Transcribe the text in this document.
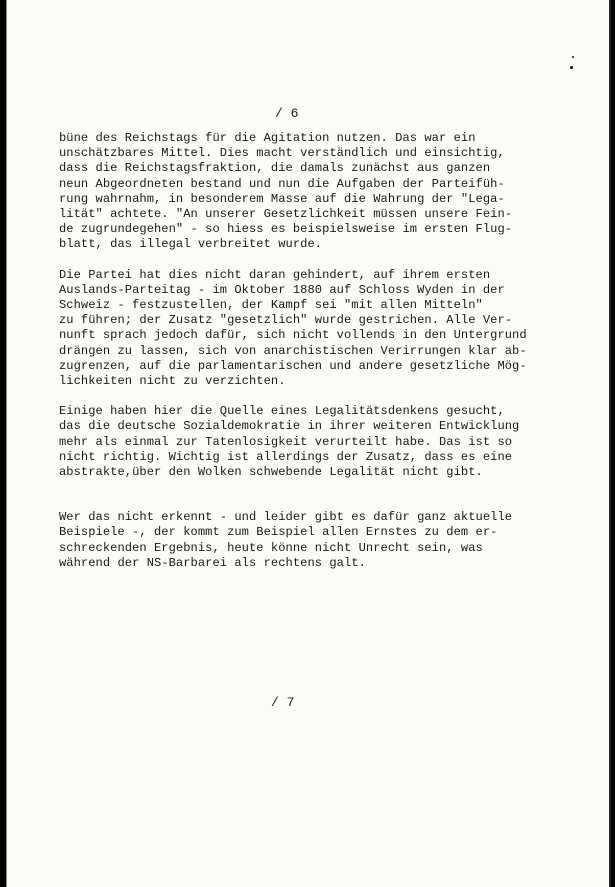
/ 6

büne des Reichstags für die Agitation nutzen. Das war ein
unschätzbares Mittel. Dies macht verständlich und einsichtig,
dass die Reichstagsfraktion, die damals zunächst aus ganzen
neun Abgeordneten bestand und nun die Aufgaben der Parteifüh-
rung wahrnahm, in besonderem Masse auf die Wahrung der "Lega-
lität" achtete. "An unserer Gesetzlichkeit müssen unsere Fein-
de zugrundegehen" - so hiess es beispielsweise im ersten Flug-
blatt, das illegal verbreitet wurde.
Die Partei hat dies nicht daran gehindert, auf ihrem ersten
Auslands-Parteitag - im Oktober 1880 auf Schloss Wyden in der
Schweiz - festzustellen, der Kampf sei "mit allen Mitteln"
zu führen; der Zusatz "gesetzlich" wurde gestrichen. Alle Ver-
nunft sprach jedoch dafür, sich nicht vollends in den Untergrund
drängen zu lassen, sich von anarchistischen Verirrungen klar ab-
zugrenzen, auf die parlamentarischen und andere gesetzliche Mög-
lichkeiten nicht zu verzichten.
Einige haben hier die Quelle eines Legalitätsdenkens gesucht,
das die deutsche Sozialdemokratie in ihrer weiteren Entwicklung
mehr als einmal zur Tatenlosigkeit verurteilt habe. Das ist so
nicht richtig. Wichtig ist allerdings der Zusatz, dass es eine
abstrakte,über den Wolken schwebende Legalität nicht gibt.
Wer das nicht erkennt - und leider gibt es dafür ganz aktuelle
Beispiele -, der kommt zum Beispiel allen Ernstes zu dem er-
schreckenden Ergebnis, heute könne nicht Unrecht sein, was
während der NS-Barbarei als rechtens galt.

/ 7
